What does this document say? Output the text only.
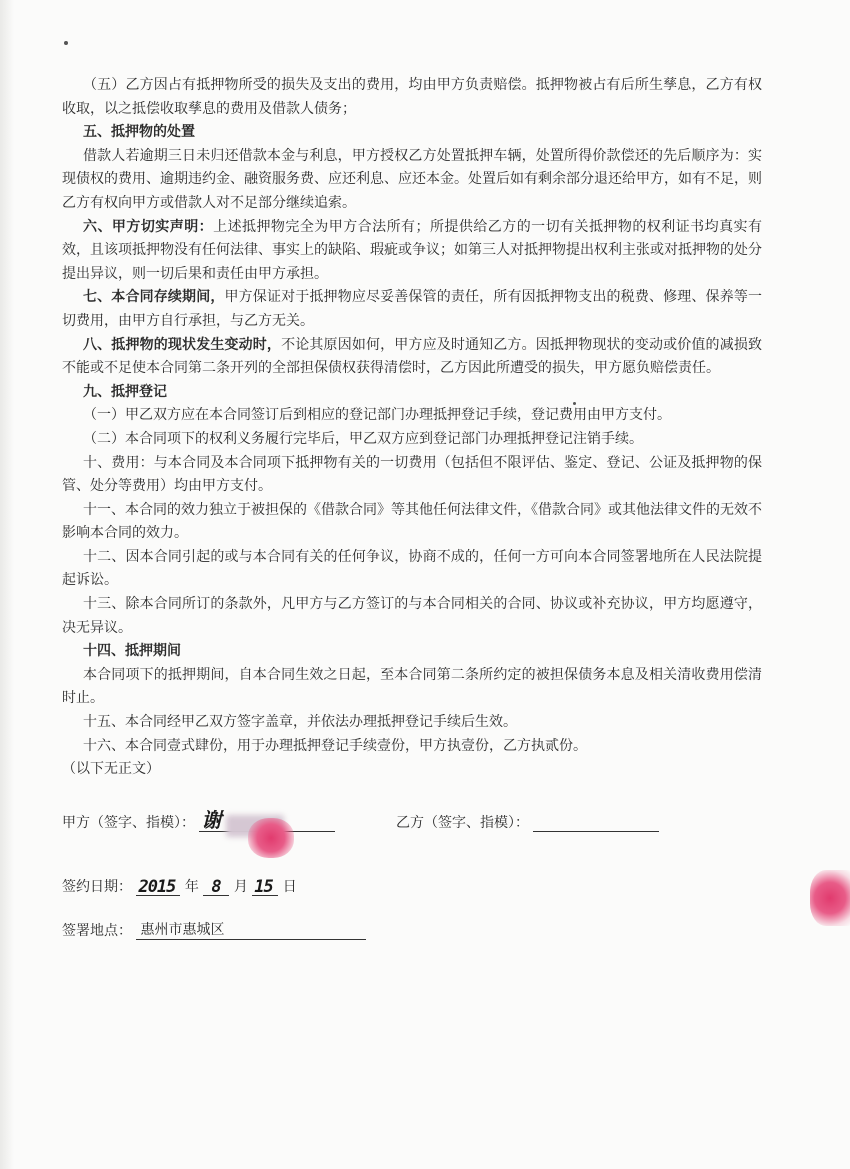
（五）乙方因占有抵押物所受的损失及支出的费用，均由甲方负责赔偿。抵押物被占有后所生孳息，乙方有权收取，以之抵偿收取孳息的费用及借款人债务；

五、抵押物的处置

借款人若逾期三日未归还借款本金与利息，甲方授权乙方处置抵押车辆，处置所得价款偿还的先后顺序为：实现债权的费用、逾期违约金、融资服务费、应还利息、应还本金。处置后如有剩余部分退还给甲方，如有不足，则乙方有权向甲方或借款人对不足部分继续追索。

六、甲方切实声明：上述抵押物完全为甲方合法所有；所提供给乙方的一切有关抵押物的权利证书均真实有效，且该项抵押物没有任何法律、事实上的缺陷、瑕疵或争议；如第三人对抵押物提出权利主张或对抵押物的处分提出异议，则一切后果和责任由甲方承担。

七、本合同存续期间，甲方保证对于抵押物应尽妥善保管的责任，所有因抵押物支出的税费、修理、保养等一切费用，由甲方自行承担，与乙方无关。

八、抵押物的现状发生变动时，不论其原因如何，甲方应及时通知乙方。因抵押物现状的变动或价值的减损致不能或不足使本合同第二条开列的全部担保债权获得清偿时，乙方因此所遭受的损失，甲方愿负赔偿责任。

九、抵押登记

（一）甲乙双方应在本合同签订后到相应的登记部门办理抵押登记手续，登记费用由甲方支付。

（二）本合同项下的权利义务履行完毕后，甲乙双方应到登记部门办理抵押登记注销手续。

十、费用：与本合同及本合同项下抵押物有关的一切费用（包括但不限评估、鉴定、登记、公证及抵押物的保管、处分等费用）均由甲方支付。

十一、本合同的效力独立于被担保的《借款合同》等其他任何法律文件，《借款合同》或其他法律文件的无效不影响本合同的效力。

十二、因本合同引起的或与本合同有关的任何争议，协商不成的，任何一方可向本合同签署地所在人民法院提起诉讼。

十三、除本合同所订的条款外，凡甲方与乙方签订的与本合同相关的合同、协议或补充协议，甲方均愿遵守，决无异议。

十四、抵押期间

本合同项下的抵押期间，自本合同生效之日起，至本合同第二条所约定的被担保债务本息及相关清收费用偿清时止。

十五、本合同经甲乙双方签字盖章，并依法办理抵押登记手续后生效。

十六、本合同壹式肆份，用于办理抵押登记手续壹份，甲方执壹份，乙方执贰份。

（以下无正文）

甲方（签字、指模）： 谢	乙方（签字、指模）：
签约日期： 2015 年 8 月 15 日
签署地点： 惠州市惠城区
